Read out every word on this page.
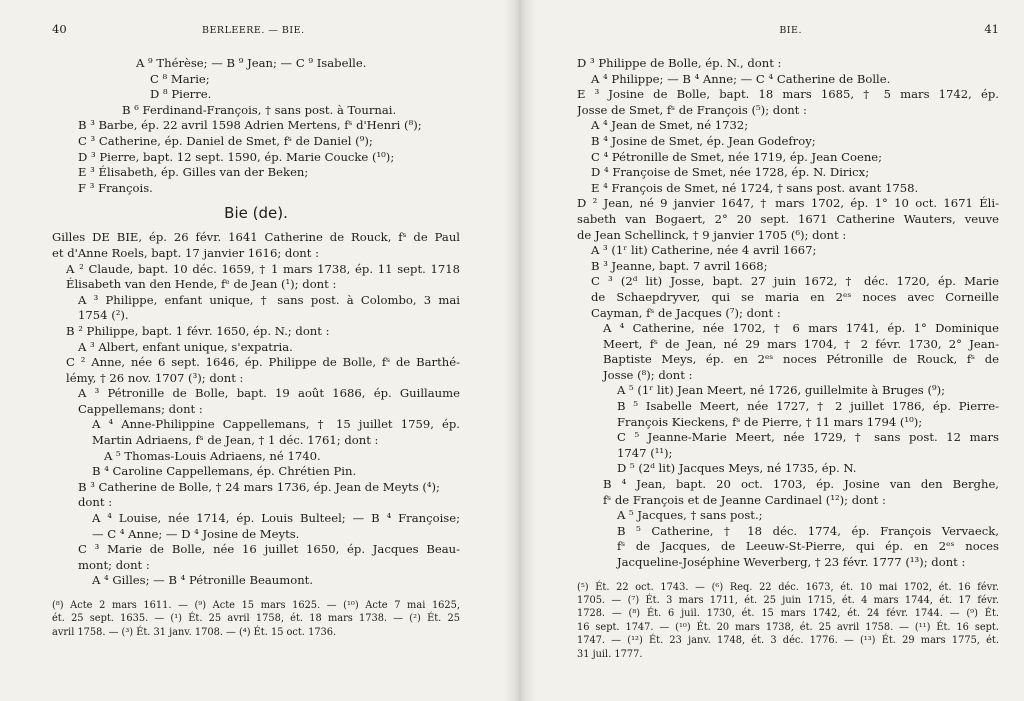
40	BERLEERE. — BIE.
A ⁹ Thérèse; — B ⁹ Jean; — C ⁹ Isabelle.
C ⁸ Marie;
D ⁸ Pierre.
B ⁶ Ferdinand-François, † sans post. à Tournai.
B ³ Barbe, ép. 22 avril 1598 Adrien Mertens, fˢ d'Henri (⁸);
C ³ Catherine, ép. Daniel de Smet, fˢ de Daniel (⁹);
D ³ Pierre, bapt. 12 sept. 1590, ép. Marie Coucke (¹⁰);
E ³ Élisabeth, ép. Gilles van der Beken;
F ³ François.
Bie (de).
Gilles DE BIE, ép. 26 févr. 1641 Catherine de Rouck, fˢ de Paul
et d'Anne Roels, bapt. 17 janvier 1616; dont :
A ² Claude, bapt. 10 déc. 1659, † 1 mars 1738, ép. 11 sept. 1718
Élisabeth van den Hende, fᵉ de Jean (¹); dont :
A ³ Philippe, enfant unique, † sans post. à Colombo, 3 mai
1754 (²).
B ² Philippe, bapt. 1 févr. 1650, ép. N.; dont :
A ³ Albert, enfant unique, s'expatria.
C ² Anne, née 6 sept. 1646, ép. Philippe de Bolle, fˢ de Barthé-
lémy, † 26 nov. 1707 (³); dont :
A ³ Pétronille de Bolle, bapt. 19 août 1686, ép. Guillaume
Cappellemans; dont :
A ⁴ Anne-Philippine Cappellemans, † 15 juillet 1759, ép.
Martin Adriaens, fˢ de Jean, † 1 déc. 1761; dont :
A ⁵ Thomas-Louis Adriaens, né 1740.
B ⁴ Caroline Cappellemans, ép. Chrétien Pin.
B ³ Catherine de Bolle, † 24 mars 1736, ép. Jean de Meyts (⁴);
dont :
A ⁴ Louise, née 1714, ép. Louis Bulteel; — B ⁴ Françoise;
— C ⁴ Anne; — D ⁴ Josine de Meyts.
C ³ Marie de Bolle, née 16 juillet 1650, ép. Jacques Beau-
mont; dont :
A ⁴ Gilles; — B ⁴ Pétronille Beaumont.
(⁸) Acte 2 mars 1611. — (⁹) Acte 15 mars 1625. — (¹⁰) Acte 7 mai 1625,
ét. 25 sept. 1635. — (¹) Ét. 25 avril 1758, ét. 18 mars 1738. — (²) Ét. 25
avril 1758. — (³) Ét. 31 janv. 1708. — (⁴) Ét. 15 oct. 1736.
BIE.	41
D ³ Philippe de Bolle, ép. N., dont :
A ⁴ Philippe; — B ⁴ Anne; — C ⁴ Catherine de Bolle.
E ³ Josine de Bolle, bapt. 18 mars 1685, † 5 mars 1742, ép.
Josse de Smet, fˢ de François (⁵); dont :
A ⁴ Jean de Smet, né 1732;
B ⁴ Josine de Smet, ép. Jean Godefroy;
C ⁴ Pétronille de Smet, née 1719, ép. Jean Coene;
D ⁴ Françoise de Smet, née 1728, ép. N. Diricx;
E ⁴ François de Smet, né 1724, † sans post. avant 1758.
D ² Jean, né 9 janvier 1647, † mars 1702, ép. 1° 10 oct. 1671 Éli-
sabeth van Bogaert, 2° 20 sept. 1671 Catherine Wauters, veuve
de Jean Schellinck, † 9 janvier 1705 (⁶); dont :
A ³ (1ʳ lit) Catherine, née 4 avril 1667;
B ³ Jeanne, bapt. 7 avril 1668;
C ³ (2ᵈ lit) Josse, bapt. 27 juin 1672, † déc. 1720, ép. Marie
de Schaepdryver, qui se maria en 2ᵉˢ noces avec Corneille
Cayman, fˢ de Jacques (⁷); dont :
A ⁴ Catherine, née 1702, † 6 mars 1741, ép. 1° Dominique
Meert, fˢ de Jean, né 29 mars 1704, † 2 févr. 1730, 2° Jean-
Baptiste Meys, ép. en 2ᵉˢ noces Pétronille de Rouck, fˢ de
Josse (⁸); dont :
A ⁵ (1ʳ lit) Jean Meert, né 1726, guillelmite à Bruges (⁹);
B ⁵ Isabelle Meert, née 1727, † 2 juillet 1786, ép. Pierre-
François Kieckens, fˢ de Pierre, † 11 mars 1794 (¹⁰);
C ⁵ Jeanne-Marie Meert, née 1729, † sans post. 12 mars
1747 (¹¹);
D ⁵ (2ᵈ lit) Jacques Meys, né 1735, ép. N.
B ⁴ Jean, bapt. 20 oct. 1703, ép. Josine van den Berghe,
fˢ de François et de Jeanne Cardinael (¹²); dont :
A ⁵ Jacques, † sans post.;
B ⁵ Catherine, † 18 déc. 1774, ép. François Vervaeck,
fˢ de Jacques, de Leeuw-St-Pierre, qui ép. en 2ᵉˢ noces
Jacqueline-Joséphine Weverberg, † 23 févr. 1777 (¹³); dont :
(⁵) Ét. 22 oct. 1743. — (⁶) Req. 22 déc. 1673, ét. 10 mai 1702, ét. 16 févr.
1705. — (⁷) Ét. 3 mars 1711, ét. 25 juin 1715, ét. 4 mars 1744, ét. 17 févr.
1728. — (⁸) Ét. 6 juil. 1730, ét. 15 mars 1742, ét. 24 févr. 1744. — (⁹) Ét.
16 sept. 1747. — (¹⁰) Ét. 20 mars 1738, ét. 25 avril 1758. — (¹¹) Ét. 16 sept.
1747. — (¹²) Ét. 23 janv. 1748, ét. 3 déc. 1776. — (¹³) Ét. 29 mars 1775, ét.
31 juil. 1777.
